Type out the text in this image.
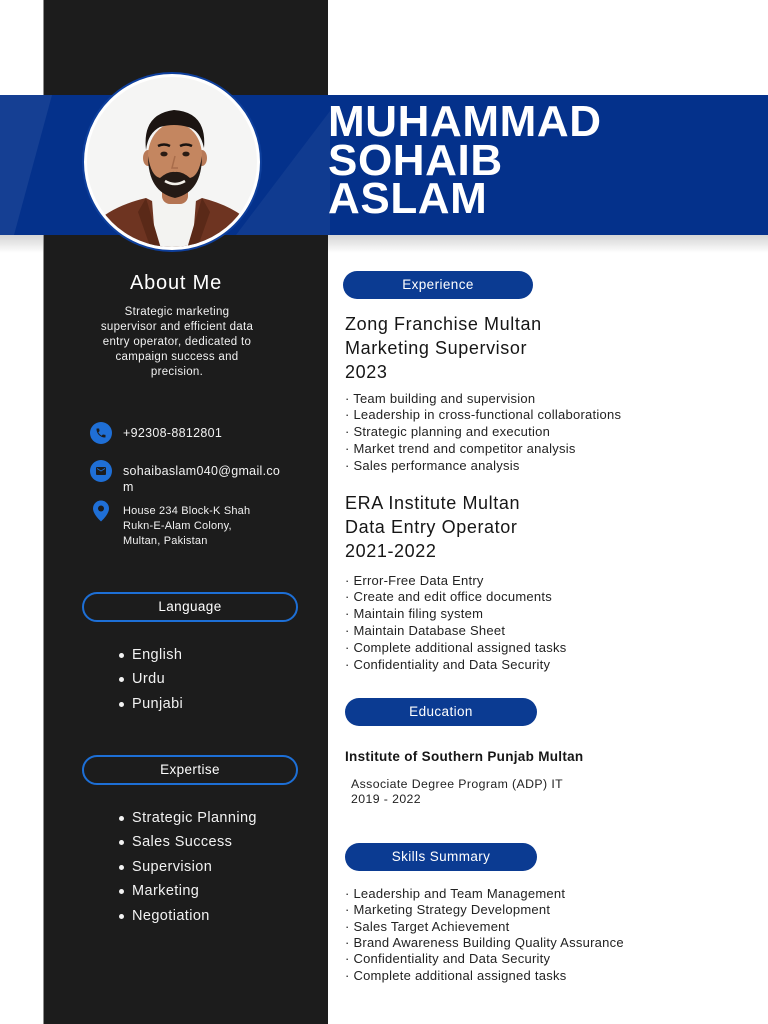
MUHAMMAD
SOHAIB
ASLAM
About Me

Strategic marketing supervisor and efficient data entry operator, dedicated to campaign success and precision.

+92308-8812801
sohaibaslam040@gmail.com
House 234 Block-K Shah Rukn-E-Alam Colony, Multan, Pakistan
Language
English
Urdu
Punjabi
Expertise
Strategic Planning
Sales Success
Supervision
Marketing
Negotiation
Experience
Zong Franchise Multan
Marketing Supervisor
2023
· Team building and supervision
· Leadership in cross-functional collaborations
· Strategic planning and execution
· Market trend and competitor analysis
· Sales performance analysis
ERA Institute Multan
Data Entry Operator
2021-2022
· Error-Free Data Entry
· Create and edit office documents
· Maintain filing system
· Maintain Database Sheet
· Complete additional assigned tasks
· Confidentiality and Data Security
Education
Institute of Southern Punjab Multan
Associate Degree Program (ADP) IT
2019 - 2022
Skills Summary
· Leadership and Team Management
· Marketing Strategy Development
· Sales Target Achievement
· Brand Awareness Building Quality Assurance
· Confidentiality and Data Security
· Complete additional assigned tasks
